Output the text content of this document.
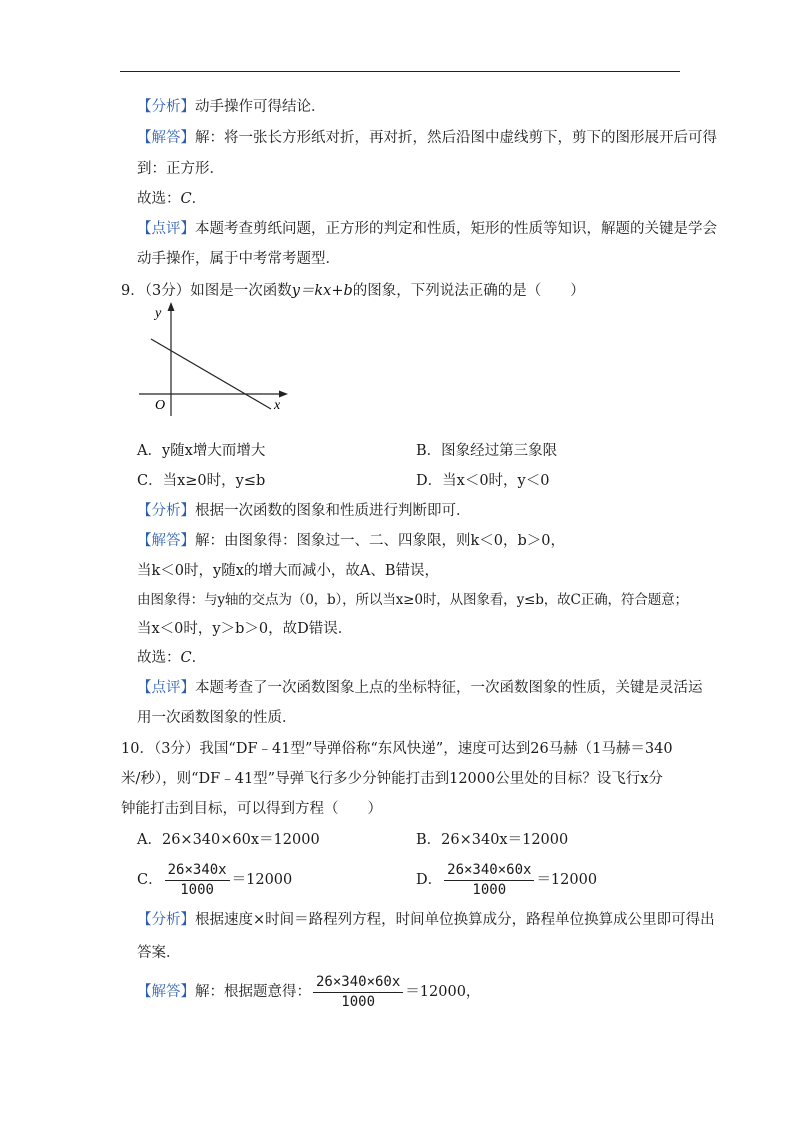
【分析】动手操作可得结论．
【解答】解：将一张长方形纸对折，再对折，然后沿图中虚线剪下，剪下的图形展开后可得
到：正方形．
故选：C．
【点评】本题考查剪纸问题，正方形的判定和性质，矩形的性质等知识，解题的关键是学会
动手操作，属于中考常考题型．
9．（3分）如图是一次函数y＝kx+b的图象，下列说法正确的是（　　）
y
x
O
A．y随x增大而增大	B．图象经过第三象限
C．当x≥0时，y≤b	D．当x＜0时，y＜0
【分析】根据一次函数的图象和性质进行判断即可．
【解答】解：由图象得：图象过一、二、四象限，则k＜0，b＞0，
当k＜0时，y随x的增大而减小，故A、B错误，
由图象得：与y轴的交点为（0，b），所以当x≥0时，从图象看，y≤b，故C正确，符合题意；
当x＜0时，y＞b＞0，故D错误．
故选：C．
【点评】本题考查了一次函数图象上点的坐标特征，一次函数图象的性质，关键是灵活运
用一次函数图象的性质．
10．（3分）我国“DF﹣41型”导弹俗称“东风快递”，速度可达到26马赫（1马赫＝340
米/秒），则“DF﹣41型”导弹飞行多少分钟能打击到12000公里处的目标？设飞行x分
钟能打击到目标，可以得到方程（　　）
A．26×340×60x＝12000	B．26×340x＝12000
C． $\frac{26\times 340x}{1000} =12000$	D． $\frac{26\times 340\times 60x}{1000} =12000$
【分析】根据速度×时间＝路程列方程，时间单位换算成分，路程单位换算成公里即可得出
答案．
【解答】解：根据题意得： $\frac{26\times 340\times 60x}{1000} =12000$，
